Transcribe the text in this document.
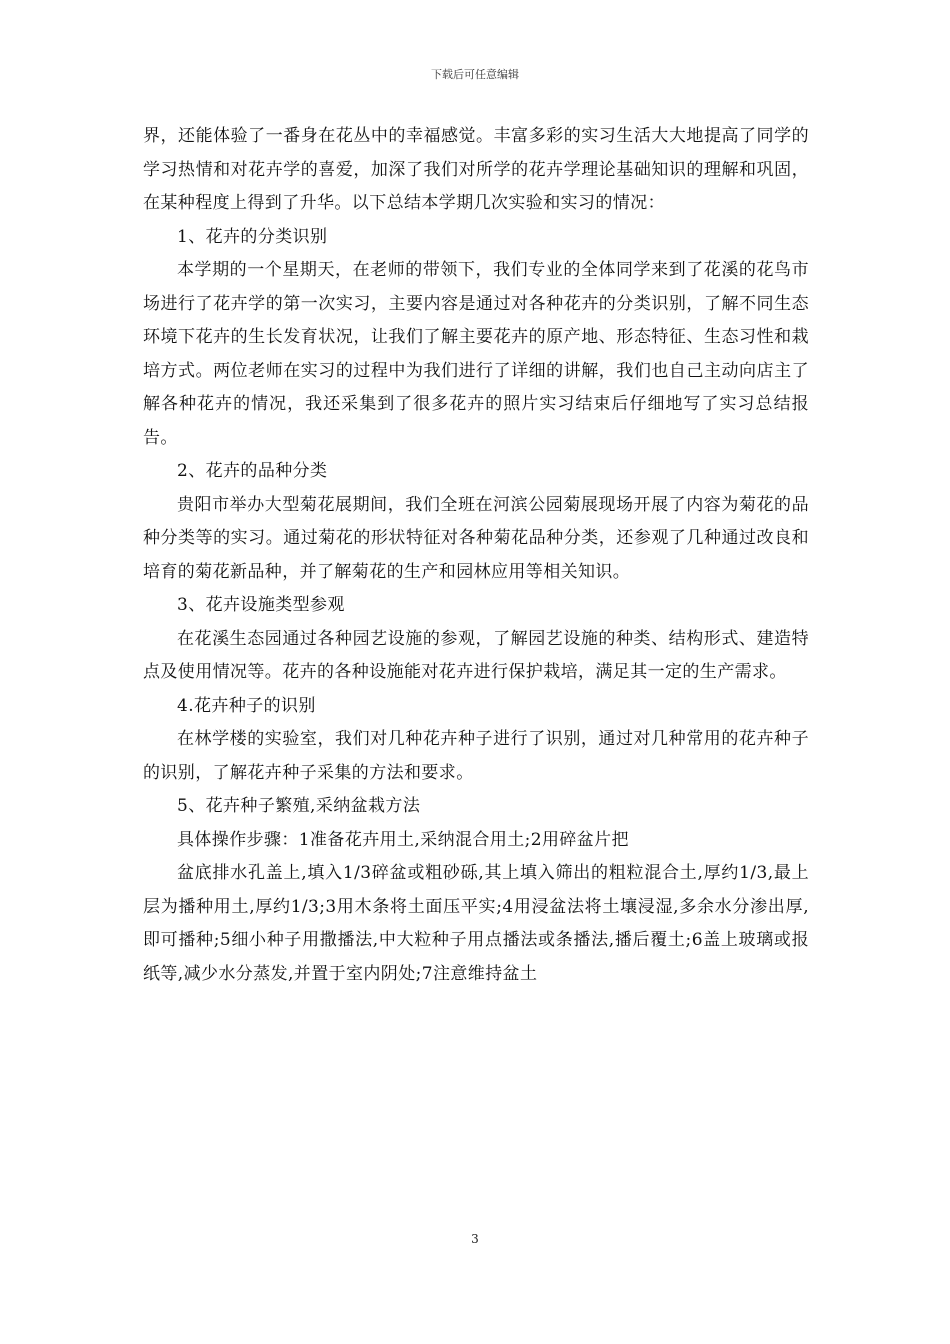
下载后可任意编辑

界，还能体验了一番身在花丛中的幸福感觉。丰富多彩的实习生活大大地提高了同学的学习热情和对花卉学的喜爱，加深了我们对所学的花卉学理论基础知识的理解和巩固，在某种程度上得到了升华。以下总结本学期几次实验和实习的情况：

1、花卉的分类识别

本学期的一个星期天，在老师的带领下，我们专业的全体同学来到了花溪的花鸟市场进行了花卉学的第一次实习，主要内容是通过对各种花卉的分类识别，了解不同生态环境下花卉的生长发育状况，让我们了解主要花卉的原产地、形态特征、生态习性和栽培方式。两位老师在实习的过程中为我们进行了详细的讲解，我们也自己主动向店主了解各种花卉的情况，我还采集到了很多花卉的照片实习结束后仔细地写了实习总结报告。

2、花卉的品种分类

贵阳市举办大型菊花展期间，我们全班在河滨公园菊展现场开展了内容为菊花的品种分类等的实习。通过菊花的形状特征对各种菊花品种分类，还参观了几种通过改良和培育的菊花新品种，并了解菊花的生产和园林应用等相关知识。

3、花卉设施类型参观

在花溪生态园通过各种园艺设施的参观，了解园艺设施的种类、结构形式、建造特点及使用情况等。花卉的各种设施能对花卉进行保护栽培，满足其一定的生产需求。

4.花卉种子的识别

在林学楼的实验室，我们对几种花卉种子进行了识别，通过对几种常用的花卉种子的识别，了解花卉种子采集的方法和要求。

5、花卉种子繁殖,采纳盆栽方法

具体操作步骤：1准备花卉用土,采纳混合用土;2用碎盆片把

盆底排水孔盖上,填入1/3碎盆或粗砂砾,其上填入筛出的粗粒混合土,厚约1/3,最上层为播种用土,厚约1/3;3用木条将土面压平实;4用浸盆法将土壤浸湿,多余水分渗出厚,即可播种;5细小种子用撒播法,中大粒种子用点播法或条播法,播后覆土;6盖上玻璃或报纸等,减少水分蒸发,并置于室内阴处;7注意维持盆土

3
